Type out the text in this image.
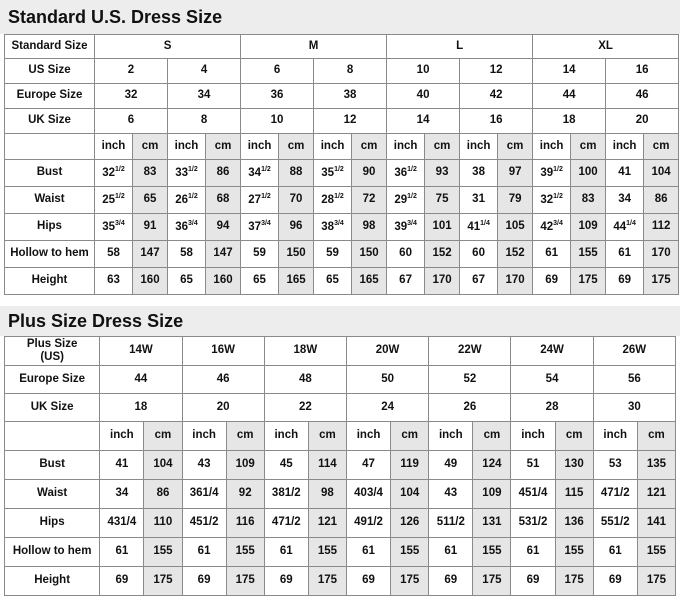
Standard U.S. Dress Size
Standard Size	S				M				L				XL			
US Size	2		4		6		8		10		12		14		16	
Europe Size	32		34		36		38		40		42		44		46	
UK Size	6		8		10		12		14		16		18		20	
	inch	cm	inch	cm	inch	cm	inch	cm	inch	cm	inch	cm	inch	cm	inch	cm
Bust	$32^{1/2}$	83	$33^{1/2}$	86	$34^{1/2}$	88	$35^{1/2}$	90	$36^{1/2}$	93	38	97	$39^{1/2}$	100	41	104
Waist	$25^{1/2}$	65	$26^{1/2}$	68	$27^{1/2}$	70	$28^{1/2}$	72	$29^{1/2}$	75	31	79	$32^{1/2}$	83	34	86
Hips	$35^{3/4}$	91	$36^{3/4}$	94	$37^{3/4}$	96	$38^{3/4}$	98	$39^{3/4}$	101	$41^{1/4}$	105	$42^{3/4}$	109	$44^{1/4}$	112
Hollow to hem	58	147	58	147	59	150	59	150	60	152	60	152	61	155	61	170
Height	63	160	65	160	65	165	65	165	67	170	67	170	69	175	69	175
Plus Size Dress Size
Plus Size
(US)	14W		16W		18W		20W		22W		24W		26W	
Europe Size	44		46		48		50		52		54		56	
UK Size	18		20		22		24		26		28		30	
	inch	cm	inch	cm	inch	cm	inch	cm	inch	cm	inch	cm	inch	cm
Bust	41	104	43	109	45	114	47	119	49	124	51	130	53	135
Waist	34	86	361/4	92	381/2	98	403/4	104	43	109	451/4	115	471/2	121
Hips	431/4	110	451/2	116	471/2	121	491/2	126	511/2	131	531/2	136	551/2	141
Hollow to hem	61	155	61	155	61	155	61	155	61	155	61	155	61	155
Height	69	175	69	175	69	175	69	175	69	175	69	175	69	175
